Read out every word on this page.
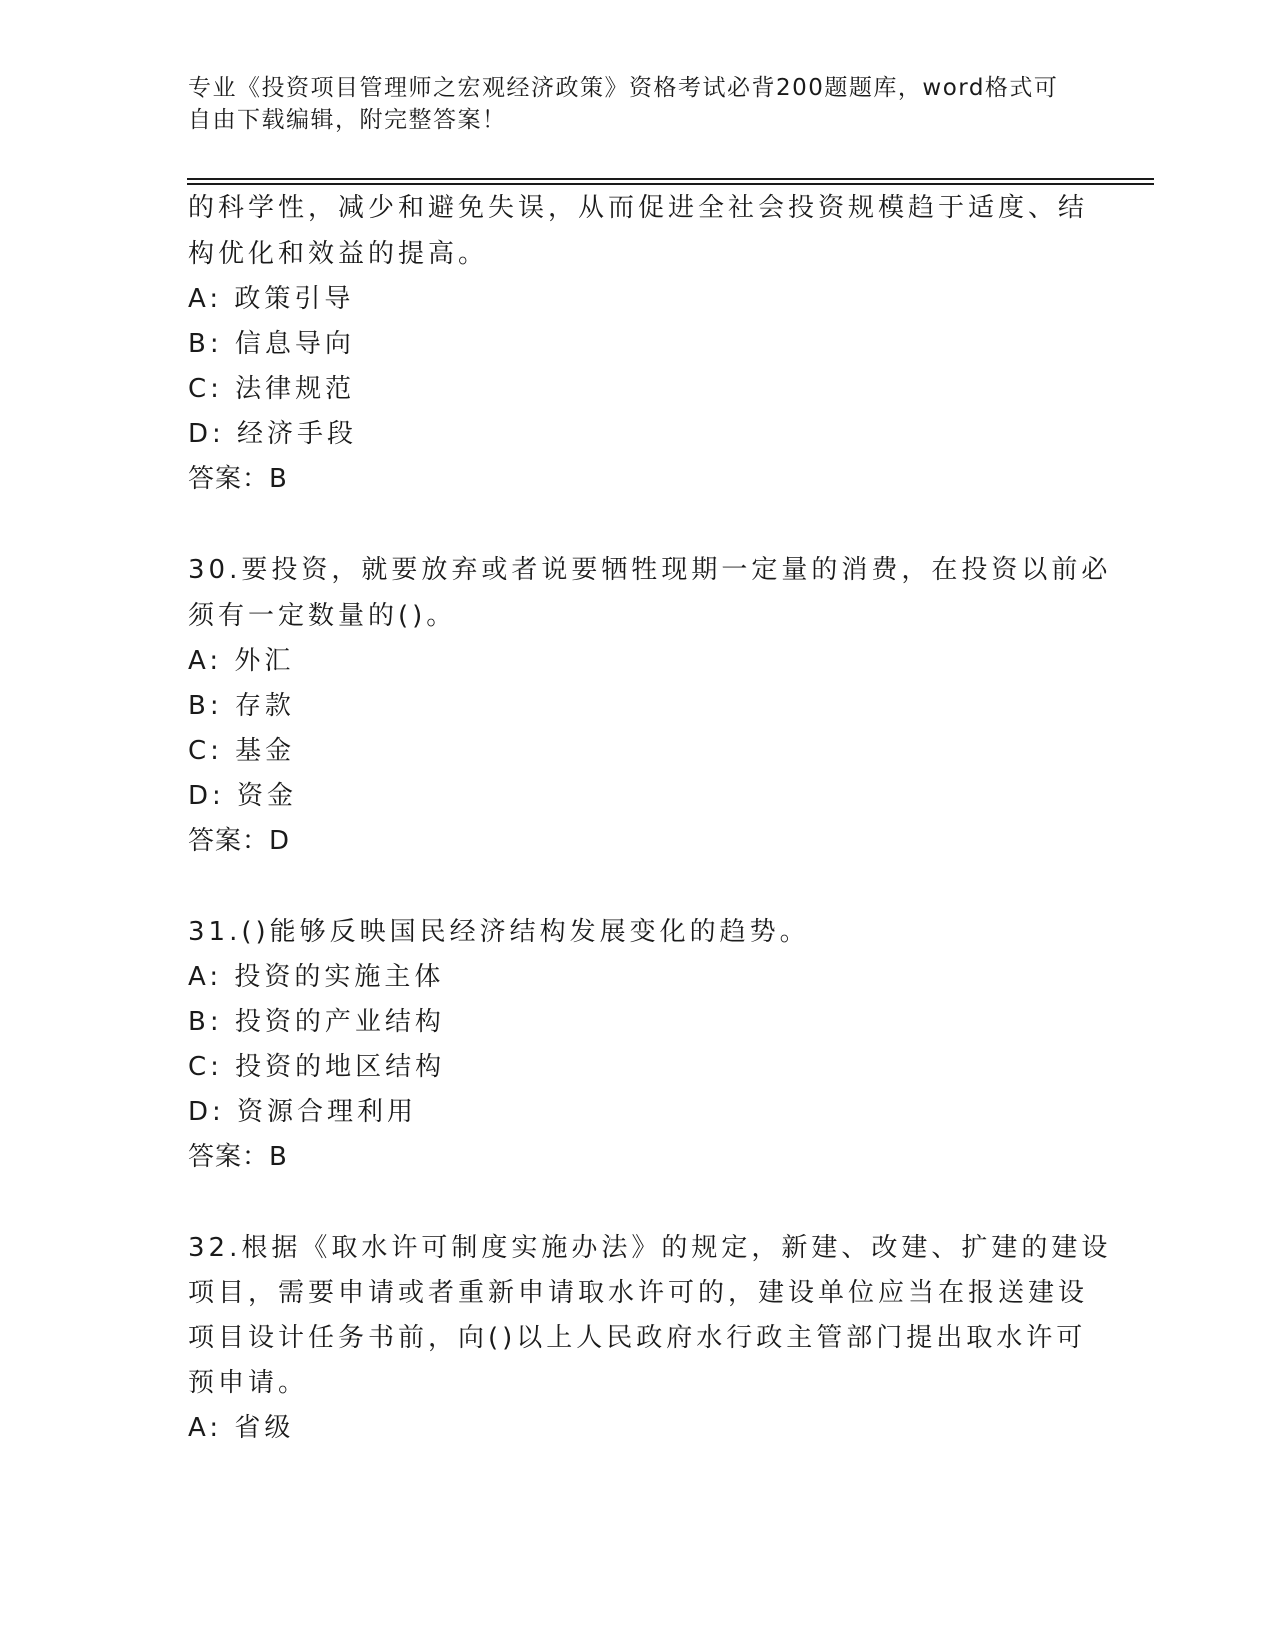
专业《投资项目管理师之宏观经济政策》资格考试必背200题题库，word格式可
自由下载编辑，附完整答案！
的科学性，减少和避免失误，从而促进全社会投资规模趋于适度、结
构优化和效益的提高。
A: 政策引导
B: 信息导向
C: 法律规范
D: 经济手段
答案：B
30.要投资，就要放弃或者说要牺牲现期一定量的消费，在投资以前必
须有一定数量的()。
A: 外汇
B: 存款
C: 基金
D: 资金
答案：D
31.()能够反映国民经济结构发展变化的趋势。
A: 投资的实施主体
B: 投资的产业结构
C: 投资的地区结构
D: 资源合理利用
答案：B
32.根据《取水许可制度实施办法》的规定，新建、改建、扩建的建设
项目，需要申请或者重新申请取水许可的，建设单位应当在报送建设
项目设计任务书前，向()以上人民政府水行政主管部门提出取水许可
预申请。
A: 省级
